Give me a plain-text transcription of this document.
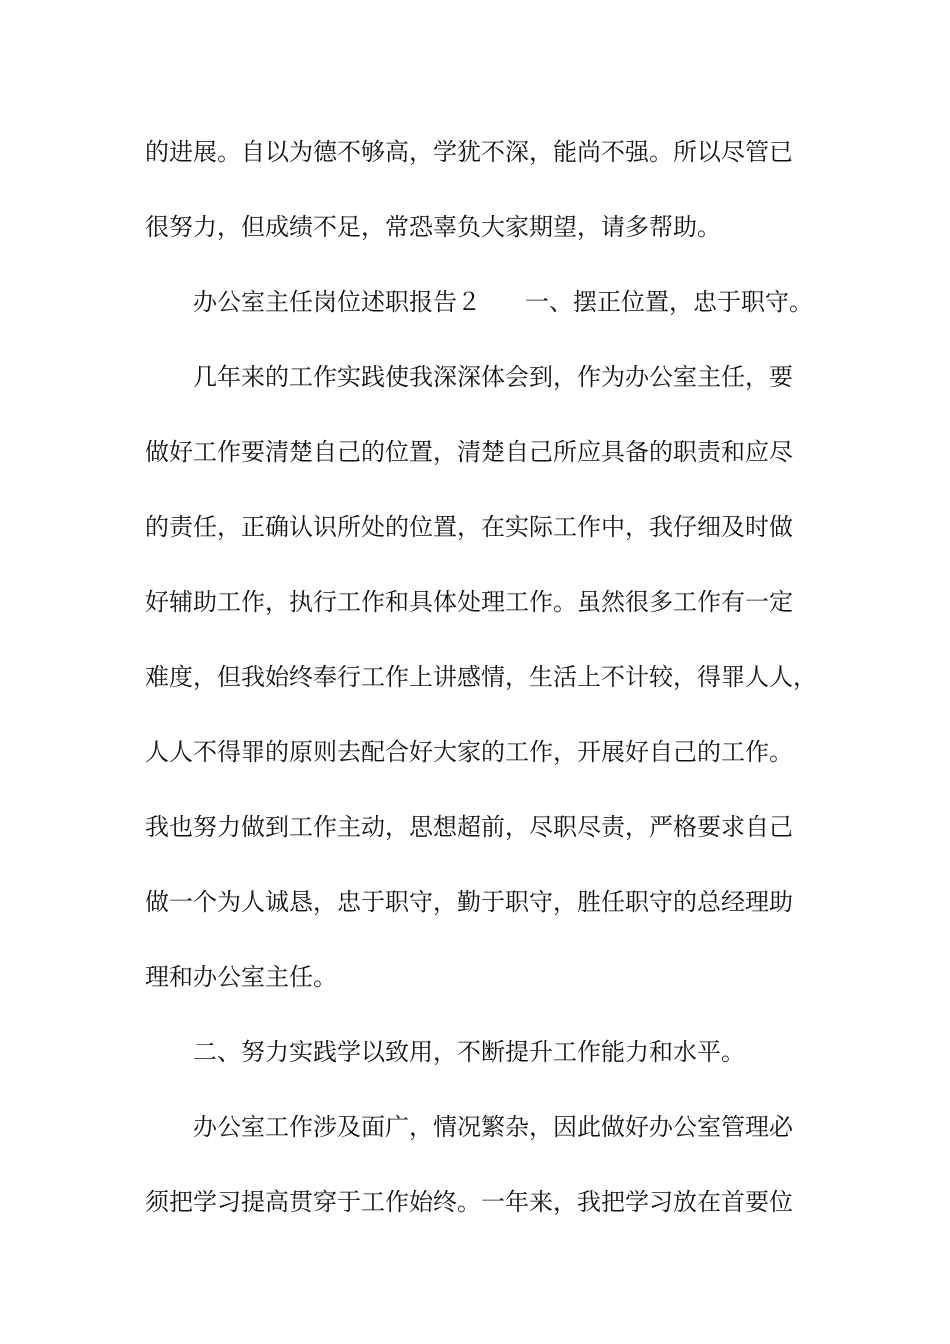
的进展。自以为德不够高，学犹不深，能尚不强。所以尽管已
很努力，但成绩不足，常恐辜负大家期望，请多帮助。
办公室主任岗位述职报告２ 一、摆正位置，忠于职守。
几年来的工作实践使我深深体会到，作为办公室主任，要
做好工作要清楚自己的位置，清楚自己所应具备的职责和应尽
的责任，正确认识所处的位置，在实际工作中，我仔细及时做
好辅助工作，执行工作和具体处理工作。虽然很多工作有一定
难度，但我始终奉行工作上讲感情，生活上不计较，得罪人人，
人人不得罪的原则去配合好大家的工作，开展好自己的工作。
我也努力做到工作主动，思想超前，尽职尽责，严格要求自己
做一个为人诚恳，忠于职守，勤于职守，胜任职守的总经理助
理和办公室主任。
二、努力实践学以致用，不断提升工作能力和水平。
办公室工作涉及面广，情况繁杂，因此做好办公室管理必
须把学习提高贯穿于工作始终。一年来，我把学习放在首要位
